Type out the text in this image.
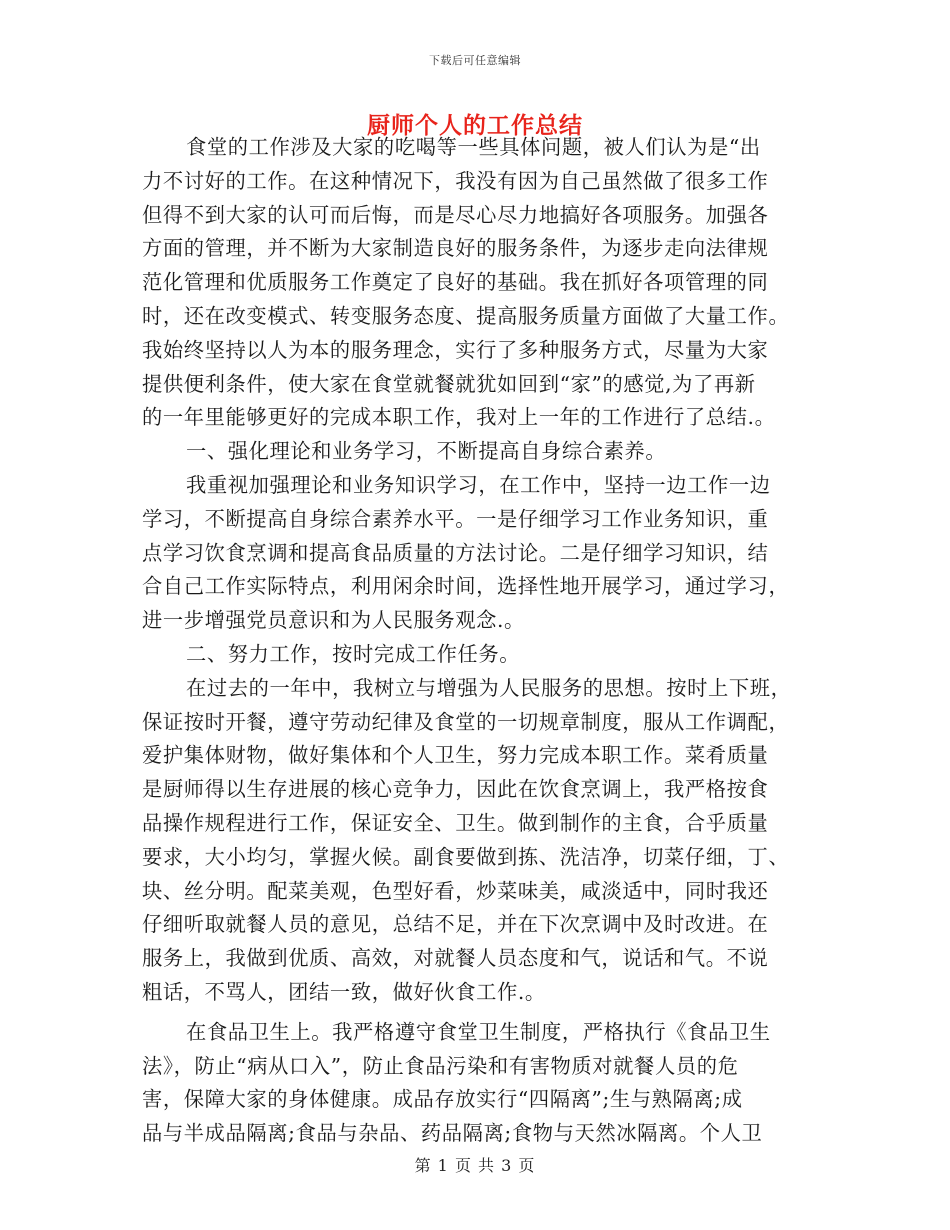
下载后可任意编辑
厨师个人的工作总结
食堂的工作涉及大家的吃喝等一些具体问题，被人们认为是“出
力不讨好的工作。在这种情况下，我没有因为自己虽然做了很多工作
但得不到大家的认可而后悔，而是尽心尽力地搞好各项服务。加强各
方面的管理，并不断为大家制造良好的服务条件，为逐步走向法律规
范化管理和优质服务工作奠定了良好的基础。我在抓好各项管理的同
时，还在改变模式、转变服务态度、提高服务质量方面做了大量工作。
我始终坚持以人为本的服务理念，实行了多种服务方式，尽量为大家
提供便利条件，使大家在食堂就餐就犹如回到“家”的感觉,为了再新
的一年里能够更好的完成本职工作，我对上一年的工作进行了总结.。
一、强化理论和业务学习，不断提高自身综合素养。
我重视加强理论和业务知识学习，在工作中，坚持一边工作一边
学习，不断提高自身综合素养水平。一是仔细学习工作业务知识，重
点学习饮食烹调和提高食品质量的方法讨论。二是仔细学习知识，结
合自己工作实际特点，利用闲余时间，选择性地开展学习，通过学习，
进一步增强党员意识和为人民服务观念.。
二、努力工作，按时完成工作任务。
在过去的一年中，我树立与增强为人民服务的思想。按时上下班，
保证按时开餐，遵守劳动纪律及食堂的一切规章制度，服从工作调配，
爱护集体财物，做好集体和个人卫生，努力完成本职工作。菜肴质量
是厨师得以生存进展的核心竞争力，因此在饮食烹调上，我严格按食
品操作规程进行工作，保证安全、卫生。做到制作的主食，合乎质量
要求，大小均匀，掌握火候。副食要做到拣、洗洁净，切菜仔细，丁、
块、丝分明。配菜美观，色型好看，炒菜味美，咸淡适中，同时我还
仔细听取就餐人员的意见，总结不足，并在下次烹调中及时改进。在
服务上，我做到优质、高效，对就餐人员态度和气，说话和气。不说
粗话，不骂人，团结一致，做好伙食工作.。
在食品卫生上。我严格遵守食堂卫生制度，严格执行《食品卫生
法》，防止“病从口入”，防止食品污染和有害物质对就餐人员的危
害，保障大家的身体健康。成品存放实行“四隔离”;生与熟隔离;成
品与半成品隔离;食品与杂品、药品隔离;食物与天然冰隔离。个人卫
第 1 页 共 3 页
